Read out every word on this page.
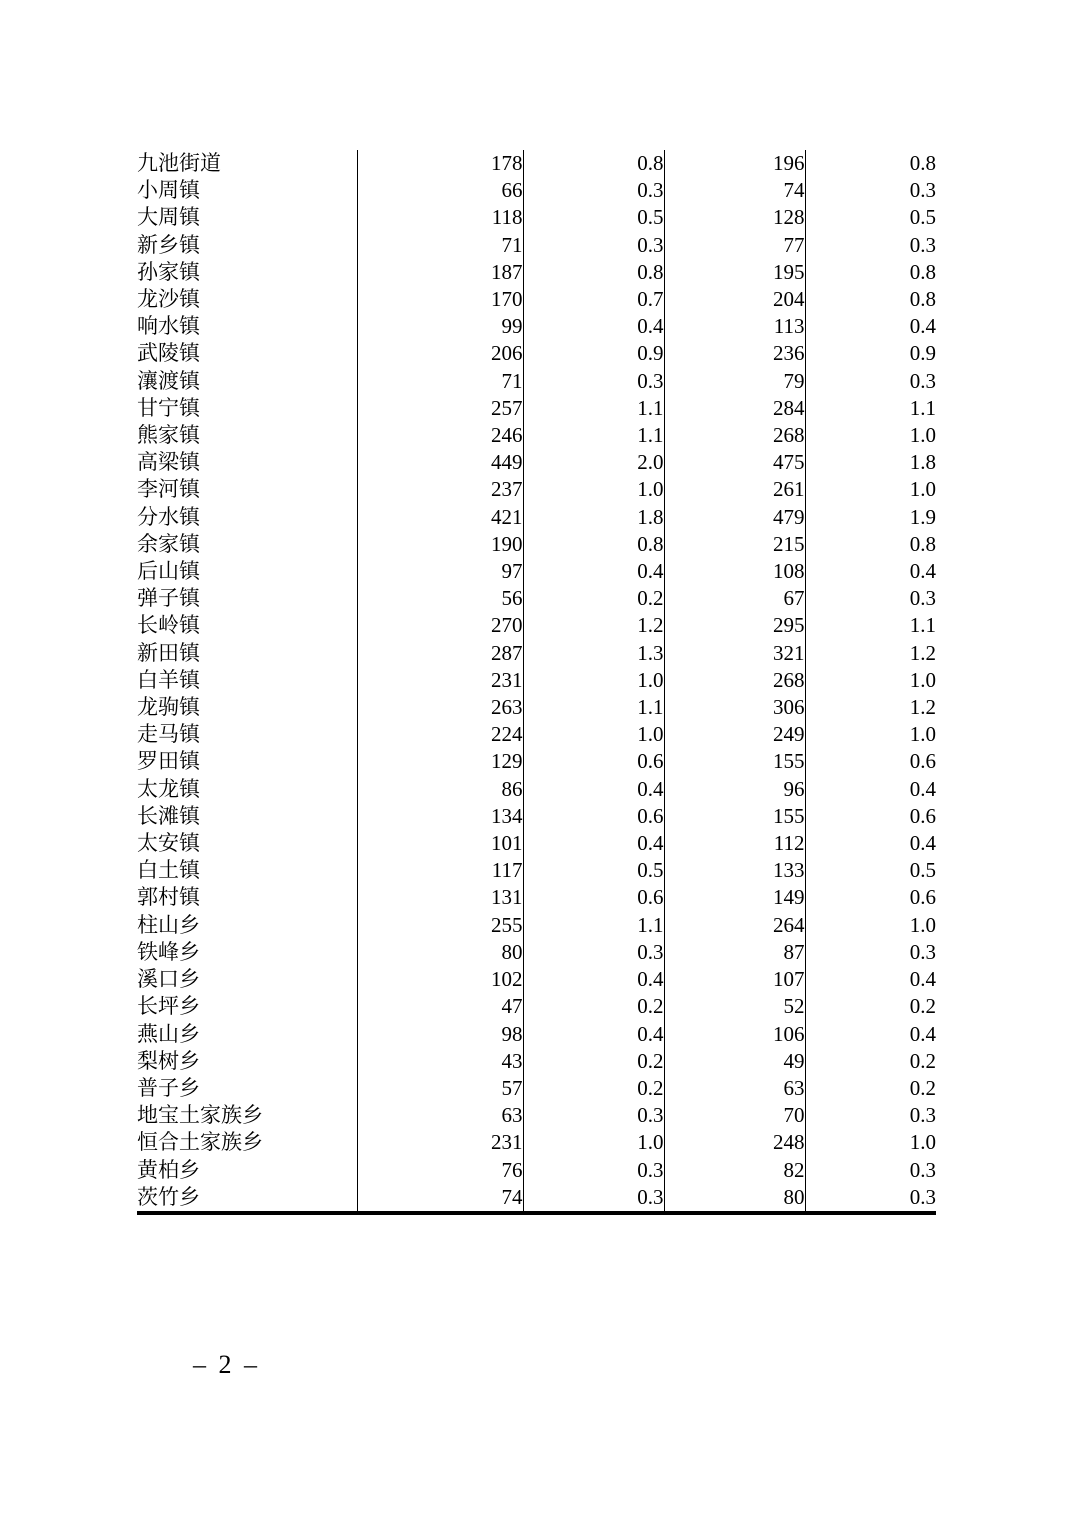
九池街道	178	0.8	196	0.8
小周镇	66	0.3	74	0.3
大周镇	118	0.5	128	0.5
新乡镇	71	0.3	77	0.3
孙家镇	187	0.8	195	0.8
龙沙镇	170	0.7	204	0.8
响水镇	99	0.4	113	0.4
武陵镇	206	0.9	236	0.9
瀼渡镇	71	0.3	79	0.3
甘宁镇	257	1.1	284	1.1
熊家镇	246	1.1	268	1.0
高梁镇	449	2.0	475	1.8
李河镇	237	1.0	261	1.0
分水镇	421	1.8	479	1.9
余家镇	190	0.8	215	0.8
后山镇	97	0.4	108	0.4
弹子镇	56	0.2	67	0.3
长岭镇	270	1.2	295	1.1
新田镇	287	1.3	321	1.2
白羊镇	231	1.0	268	1.0
龙驹镇	263	1.1	306	1.2
走马镇	224	1.0	249	1.0
罗田镇	129	0.6	155	0.6
太龙镇	86	0.4	96	0.4
长滩镇	134	0.6	155	0.6
太安镇	101	0.4	112	0.4
白土镇	117	0.5	133	0.5
郭村镇	131	0.6	149	0.6
柱山乡	255	1.1	264	1.0
铁峰乡	80	0.3	87	0.3
溪口乡	102	0.4	107	0.4
长坪乡	47	0.2	52	0.2
燕山乡	98	0.4	106	0.4
梨树乡	43	0.2	49	0.2
普子乡	57	0.2	63	0.2
地宝土家族乡	63	0.3	70	0.3
恒合土家族乡	231	1.0	248	1.0
黄柏乡	76	0.3	82	0.3
茨竹乡	74	0.3	80	0.3
– 2 –
